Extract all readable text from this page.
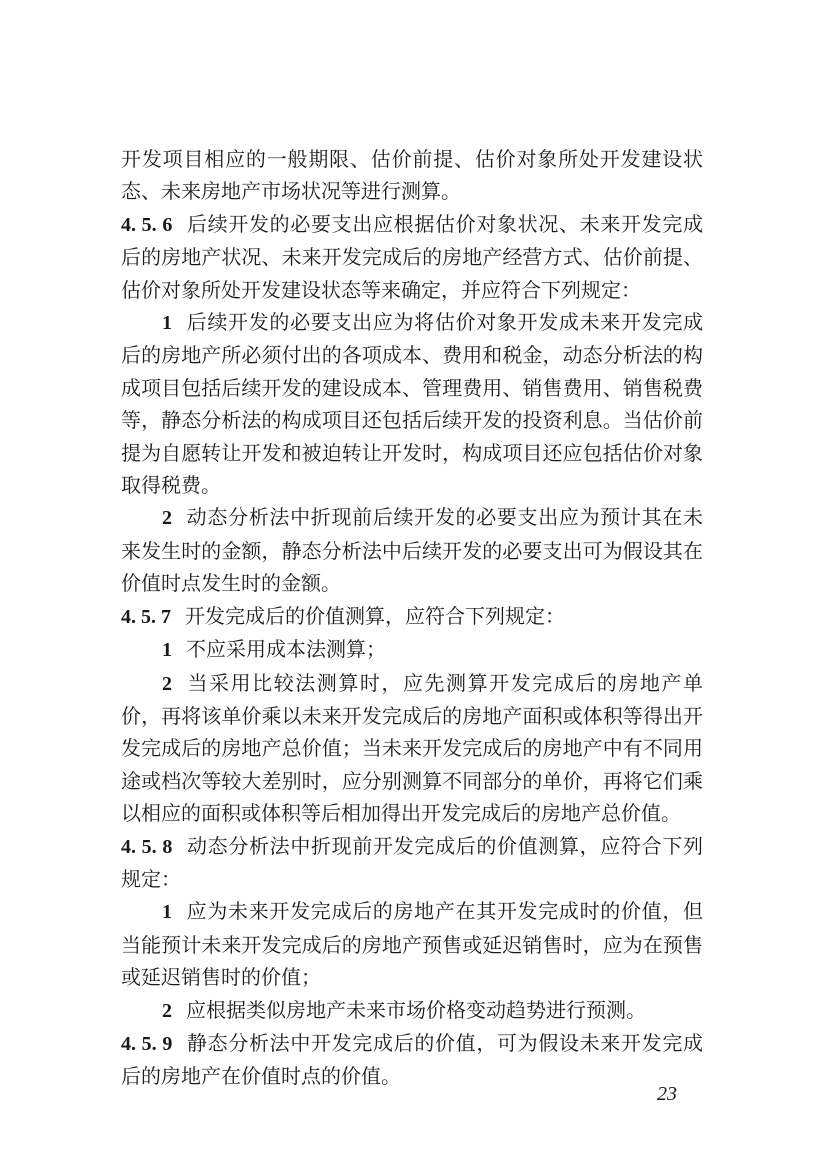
开发项目相应的一般期限、估价前提、估价对象所处开发建设状态、未来房地产市场状况等进行测算。

4. 5. 6 后续开发的必要支出应根据估价对象状况、未来开发完成后的房地产状况、未来开发完成后的房地产经营方式、估价前提、估价对象所处开发建设状态等来确定，并应符合下列规定：

1 后续开发的必要支出应为将估价对象开发成未来开发完成后的房地产所必须付出的各项成本、费用和税金，动态分析法的构成项目包括后续开发的建设成本、管理费用、销售费用、销售税费等，静态分析法的构成项目还包括后续开发的投资利息。当估价前提为自愿转让开发和被迫转让开发时，构成项目还应包括估价对象取得税费。

2 动态分析法中折现前后续开发的必要支出应为预计其在未来发生时的金额，静态分析法中后续开发的必要支出可为假设其在价值时点发生时的金额。

4. 5. 7 开发完成后的价值测算，应符合下列规定：

1 不应采用成本法测算；

2 当采用比较法测算时，应先测算开发完成后的房地产单价，再将该单价乘以未来开发完成后的房地产面积或体积等得出开发完成后的房地产总价值；当未来开发完成后的房地产中有不同用途或档次等较大差别时，应分别测算不同部分的单价，再将它们乘以相应的面积或体积等后相加得出开发完成后的房地产总价值。

4. 5. 8 动态分析法中折现前开发完成后的价值测算，应符合下列规定：

1 应为未来开发完成后的房地产在其开发完成时的价值，但当能预计未来开发完成后的房地产预售或延迟销售时，应为在预售或延迟销售时的价值；

2 应根据类似房地产未来市场价格变动趋势进行预测。

4. 5. 9 静态分析法中开发完成后的价值，可为假设未来开发完成后的房地产在价值时点的价值。

23
